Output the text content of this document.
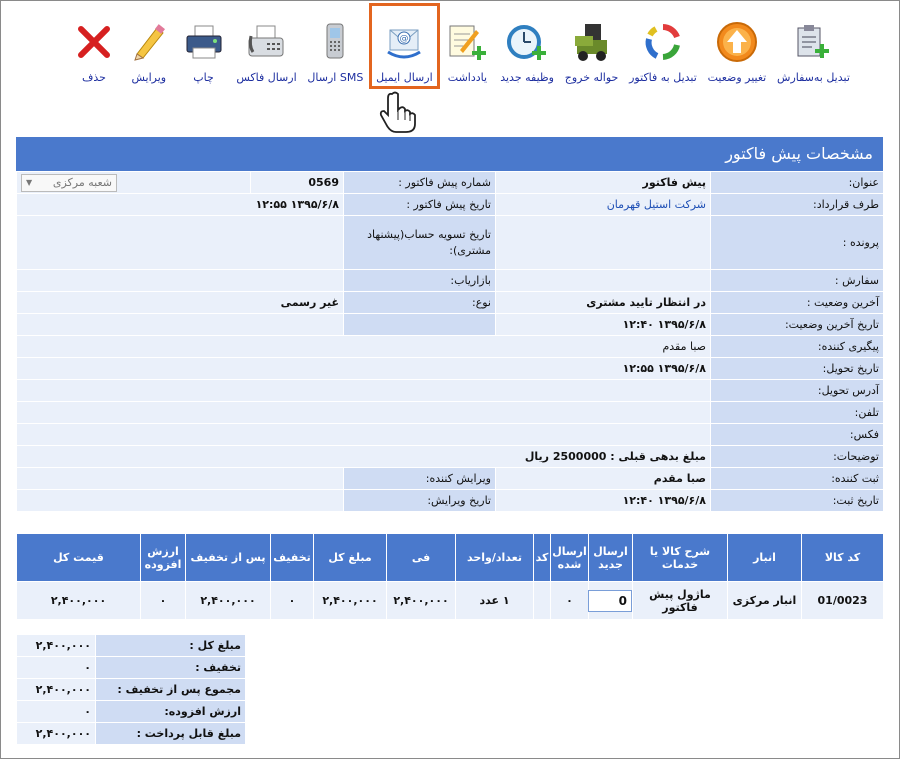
تبدیل به‌سفارش
تغییر وضعیت
تبدیل به فاکتور
حواله خروج
وظیفه جدید
یادداشت
@
ارسال ایمیل
ارسال SMS
ارسال فاکس
چاپ
ویرایش
حذف
مشخصات پیش فاکتور
عنوان:	پیش فاکتور	شماره پیش فاکتور :	0569	شعبه مرکزی
▼

طرف قرارداد:	شرکت استیل قهرمان	تاریخ پیش فاکتور :	۱۳۹۵/۶/۸ ۱۲:۵۵	
پرونده :		تاریخ تسویه حساب(پیشنهاد مشتری):		
سفارش :		بازاریاب:		
آخرین وضعیت :	در انتظار تایید مشتری	نوع:	غیر رسمی	
تاریخ آخرین وضعیت:	۱۳۹۵/۶/۸ ۱۲:۴۰			
پیگیری کننده:	صبا مقدم			
تاریخ تحویل:	۱۳۹۵/۶/۸ ۱۲:۵۵			
آدرس تحویل:				
تلفن:				
فکس:				
توضیحات:	مبلغ بدهی قبلی : 2500000 ریال			
ثبت کننده:	صبا مقدم	ویرایش کننده:		
تاریخ ثبت:	۱۳۹۵/۶/۸ ۱۲:۴۰	تاریخ ویرایش:		
کد کالا	انبار	شرح کالا یا خدمات	ارسال جدید	ارسال شده	کد	تعداد/واحد	فی	مبلغ کل	تخفیف	پس از تخفیف	ارزش افزوده	قیمت کل
01/0023	انبار مرکزی	ماژول پیش فاکتور	0	۰		۱ عدد	۲,۴۰۰,۰۰۰	۲,۴۰۰,۰۰۰	۰	۲,۴۰۰,۰۰۰	۰	۲,۴۰۰,۰۰۰
مبلغ کل :	۲,۴۰۰,۰۰۰
تخفیف :	۰
مجموع پس از تخفیف :	۲,۴۰۰,۰۰۰
ارزش افزوده:	۰
مبلغ قابل پرداخت :	۲,۴۰۰,۰۰۰
